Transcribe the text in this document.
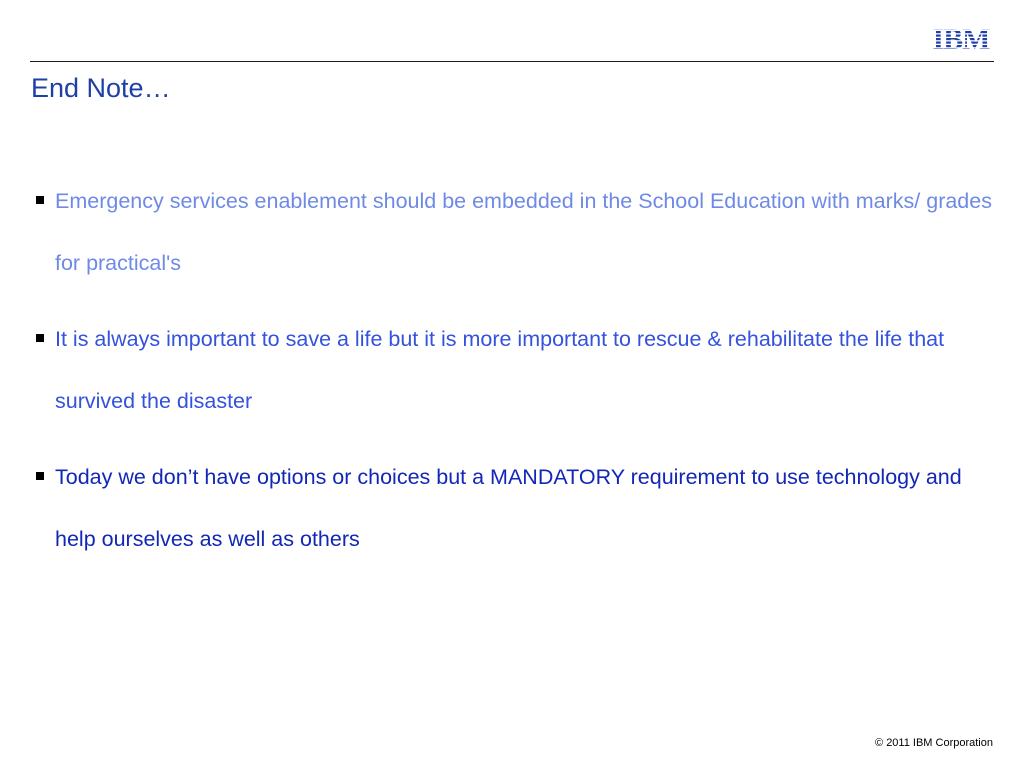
IBM
End Note…
Emergency services enablement should be embedded in the School Education with marks/ grades for practical's
It is always important to save a life but it is more important to rescue & rehabilitate the life that survived the disaster
Today we don’t have options or choices but a MANDATORY requirement to use technology and help ourselves as well as others
© 2011 IBM Corporation
